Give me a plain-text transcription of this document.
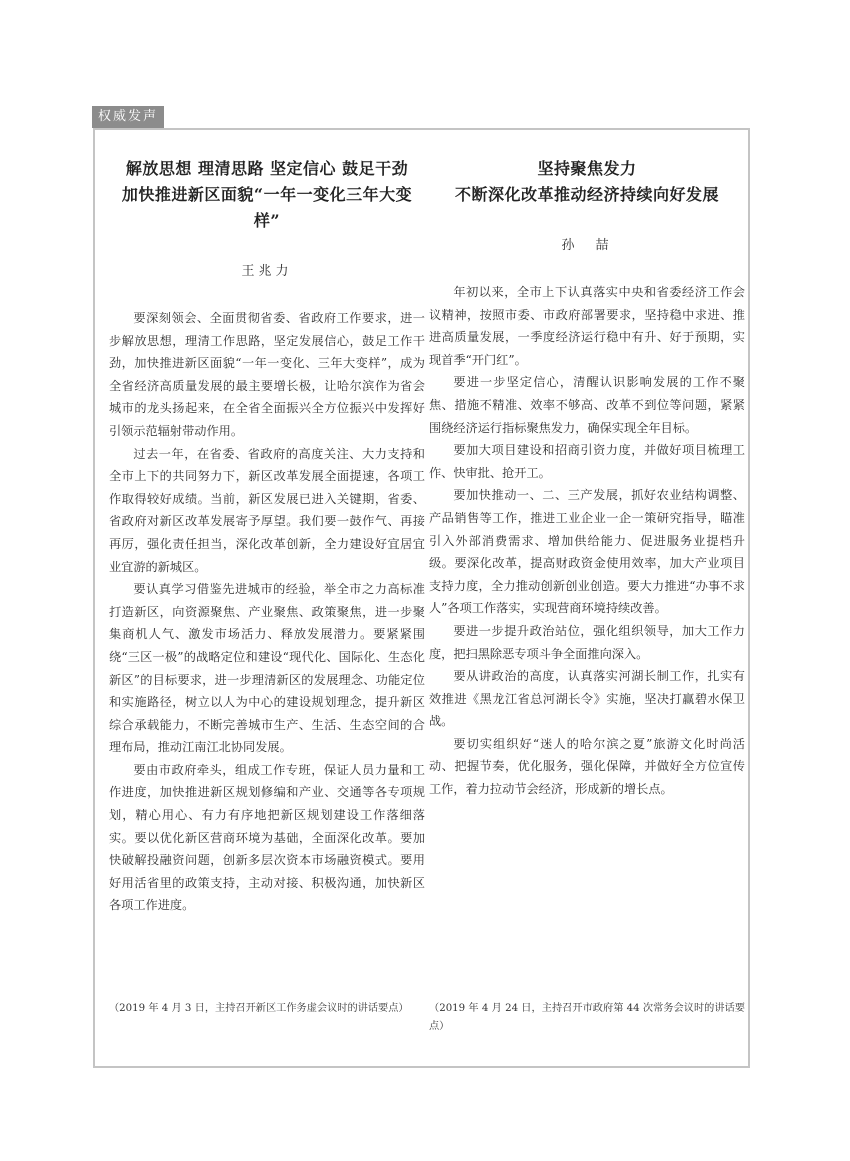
权威发声
解放思想 理清思路 坚定信心 鼓足干劲
加快推进新区面貌“一年一变化三年大变样”
王兆力

要深刻领会、全面贯彻省委、省政府工作要求，进一步解放思想，理清工作思路，坚定发展信心，鼓足工作干劲，加快推进新区面貌“一年一变化、三年大变样”，成为全省经济高质量发展的最主要增长极，让哈尔滨作为省会城市的龙头扬起来，在全省全面振兴全方位振兴中发挥好引领示范辐射带动作用。

过去一年，在省委、省政府的高度关注、大力支持和全市上下的共同努力下，新区改革发展全面提速，各项工作取得较好成绩。当前，新区发展已进入关键期，省委、省政府对新区改革发展寄予厚望。我们要一鼓作气、再接再厉，强化责任担当，深化改革创新，全力建设好宜居宜业宜游的新城区。

要认真学习借鉴先进城市的经验，举全市之力高标准打造新区，向资源聚焦、产业聚焦、政策聚焦，进一步聚集商机人气、激发市场活力、释放发展潜力。要紧紧围绕“三区一极”的战略定位和建设“现代化、国际化、生态化新区”的目标要求，进一步理清新区的发展理念、功能定位和实施路径，树立以人为中心的建设规划理念，提升新区综合承载能力，不断完善城市生产、生活、生态空间的合理布局，推动江南江北协同发展。

要由市政府牵头，组成工作专班，保证人员力量和工作进度，加快推进新区规划修编和产业、交通等各专项规划，精心用心、有力有序地把新区规划建设工作落细落实。要以优化新区营商环境为基础，全面深化改革。要加快破解投融资问题，创新多层次资本市场融资模式。要用好用活省里的政策支持，主动对接、积极沟通，加快新区各项工作进度。

（2019 年 4 月 3 日，主持召开新区工作务虚会议时的讲话要点）
坚持聚焦发力
不断深化改革推动经济持续向好发展
孙　喆

年初以来，全市上下认真落实中央和省委经济工作会议精神，按照市委、市政府部署要求，坚持稳中求进、推进高质量发展，一季度经济运行稳中有升、好于预期，实现首季“开门红”。

要进一步坚定信心，清醒认识影响发展的工作不聚焦、措施不精准、效率不够高、改革不到位等问题，紧紧围绕经济运行指标聚焦发力，确保实现全年目标。

要加大项目建设和招商引资力度，并做好项目梳理工作、快审批、抢开工。

要加快推动一、二、三产发展，抓好农业结构调整、产品销售等工作，推进工业企业一企一策研究指导，瞄准引入外部消费需求、增加供给能力、促进服务业提档升级。要深化改革，提高财政资金使用效率，加大产业项目支持力度，全力推动创新创业创造。要大力推进“办事不求人”各项工作落实，实现营商环境持续改善。

要进一步提升政治站位，强化组织领导，加大工作力度，把扫黑除恶专项斗争全面推向深入。

要从讲政治的高度，认真落实河湖长制工作，扎实有效推进《黑龙江省总河湖长令》实施，坚决打赢碧水保卫战。

要切实组织好“迷人的哈尔滨之夏”旅游文化时尚活动、把握节奏，优化服务，强化保障，并做好全方位宣传工作，着力拉动节会经济，形成新的增长点。

（2019 年 4 月 24 日，主持召开市政府第 44 次常务会议时的讲话要点）
